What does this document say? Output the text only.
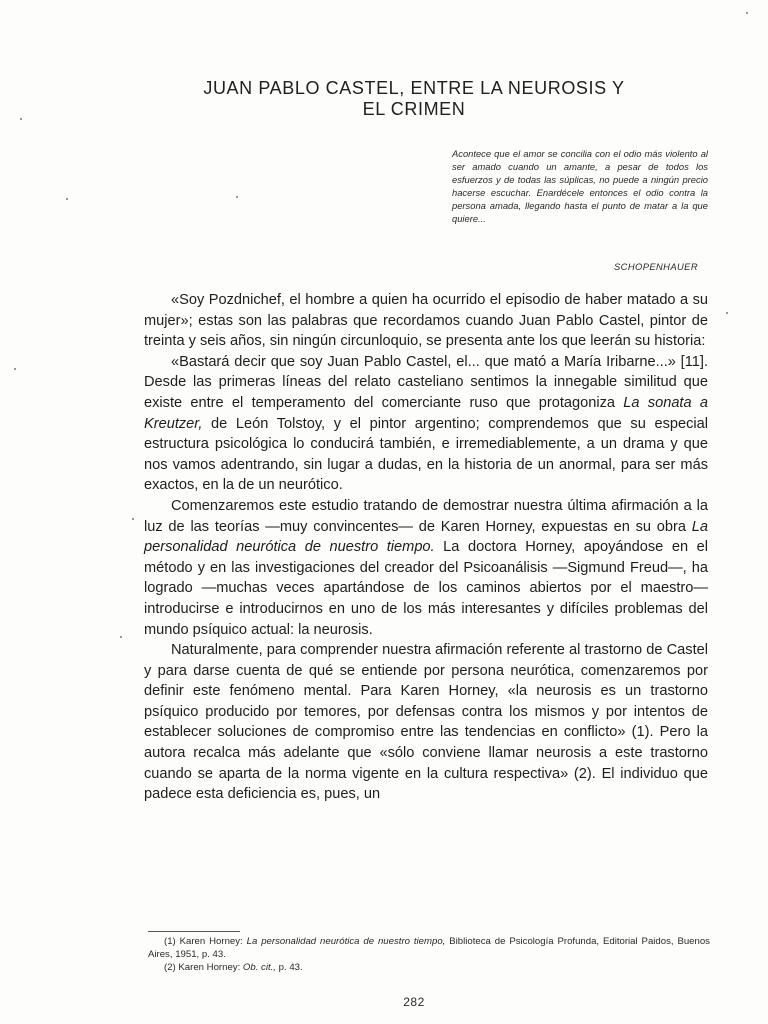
JUAN PABLO CASTEL, ENTRE LA NEUROSIS Y
EL CRIMEN
Acontece que el amor se concilia con el odio más violento al ser amado cuando un amante, a pesar de todos los esfuerzos y de todas las súplicas, no puede a ningún precio hacerse escuchar. Enardécele entonces el odio contra la persona amada, llegando hasta el punto de matar a la que quiere...
SCHOPENHAUER

«Soy Pozdnichef, el hombre a quien ha ocurrido el episodio de haber matado a su mujer»; estas son las palabras que recordamos cuando Juan Pablo Castel, pintor de treinta y seis años, sin ningún circunloquio, se presenta ante los que leerán su historia:

«Bastará decir que soy Juan Pablo Castel, el... que mató a María Iribarne...» [11]. Desde las primeras líneas del relato casteliano sentimos la innegable similitud que existe entre el temperamento del comerciante ruso que protagoniza La sonata a Kreutzer, de León Tolstoy, y el pintor argentino; comprendemos que su especial estructura psicológica lo conducirá también, e irremediablemente, a un drama y que nos vamos adentrando, sin lugar a dudas, en la historia de un anormal, para ser más exactos, en la de un neurótico.

Comenzaremos este estudio tratando de demostrar nuestra última afirmación a la luz de las teorías —muy convincentes— de Karen Horney, expuestas en su obra La personalidad neurótica de nuestro tiempo. La doctora Horney, apoyándose en el método y en las investigaciones del creador del Psicoanálisis —Sigmund Freud—, ha logrado —muchas veces apartándose de los caminos abiertos por el maestro— introducirse e introducirnos en uno de los más interesantes y difíciles problemas del mundo psíquico actual: la neurosis.

Naturalmente, para comprender nuestra afirmación referente al trastorno de Castel y para darse cuenta de qué se entiende por persona neurótica, comenzaremos por definir este fenómeno mental. Para Karen Horney, «la neurosis es un trastorno psíquico producido por temores, por defensas contra los mismos y por intentos de establecer soluciones de compromiso entre las tendencias en conflicto» (1). Pero la autora recalca más adelante que «sólo conviene llamar neurosis a este trastorno cuando se aparta de la norma vigente en la cultura respectiva» (2). El individuo que padece esta deficiencia es, pues, un

(1) Karen Horney: La personalidad neurótica de nuestro tiempo, Biblioteca de Psicología Profunda, Editorial Paidos, Buenos Aires, 1951, p. 43.

(2) Karen Horney: Ob. cit., p. 43.

282
